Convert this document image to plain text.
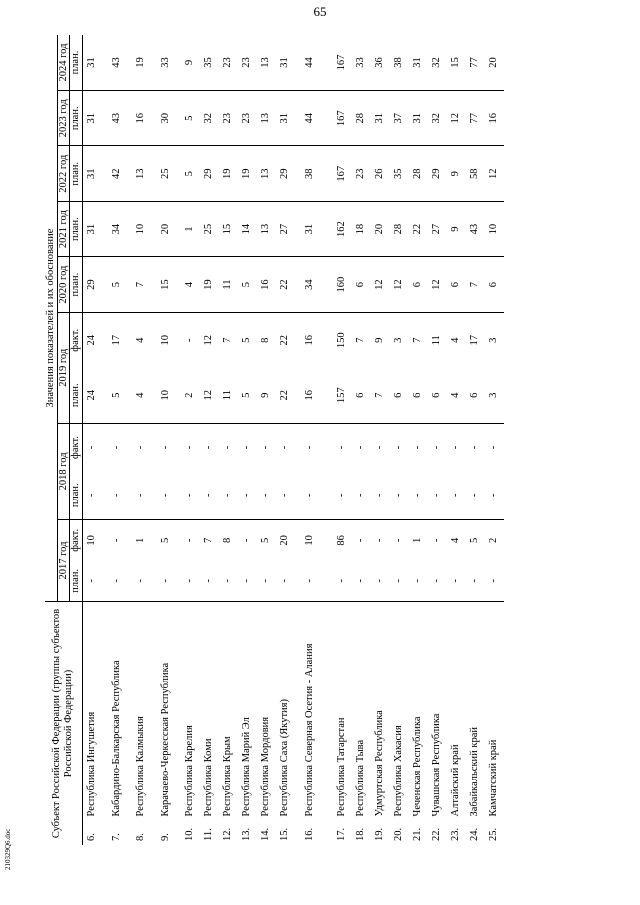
65
210329Q6.doc
Субъект Российской Федерации (группы субъектов Российской Федерации)		Значения показателей и их обоснование										
		2017 год		2018 год		2019 год		2020 год	2021 год	2022 год	2023 год	2024 год
		план.	факт.	план.	факт.	план.	факт.	план.	план.	план.	план.	план.
6.	Республика Ингушетия	-	10	-	-	24	24	29	31	31	31	31
7.	Кабардино-Балкарская Республика	-	-	-	-	5	17	5	34	42	43	43
8.	Республика Калмыкия	-	1	-	-	4	4	7	10	13	16	19
9.	Карачаево-Черкесская Республика	-	5	-	-	10	10	15	20	25	30	33
10.	Республика Карелия	-	-	-	-	2	-	4	1	5	5	9
11.	Республика Коми	-	7	-	-	12	12	19	25	29	32	35
12.	Республика Крым	-	8	-	-	11	7	11	15	19	23	23
13.	Республика Марий Эл	-	-	-	-	5	5	5	14	19	23	23
14.	Республика Мордовия	-	5	-	-	9	8	16	13	13	13	13
15.	Республика Саха (Якутия)	-	20	-	-	22	22	22	27	29	31	31
16.	Республика Северная Осетия - Алания	-	10	-	-	16	16	34	31	38	44	44

17.	Республика Татарстан	-	86	-	-	157	150	160	162	167	167	167
18.	Республика Тыва	-	-	-	-	6	7	6	18	23	28	33
19.	Удмуртская Республика	-	-	-	-	7	9	12	20	26	31	36
20.	Республика Хакасия	-	-	-	-	6	3	12	28	35	37	38
21.	Чеченская Республика	-	1	-	-	6	7	6	22	28	31	31
22.	Чувашская Республика	-	-	-	-	6	11	12	27	29	32	32
23.	Алтайский край	-	4	-	-	4	4	6	9	9	12	15
24.	Забайкальский край	-	5	-	-	6	17	7	43	58	77	77
25.	Камчатский край	-	2	-	-	3	3	6	10	12	16	20
